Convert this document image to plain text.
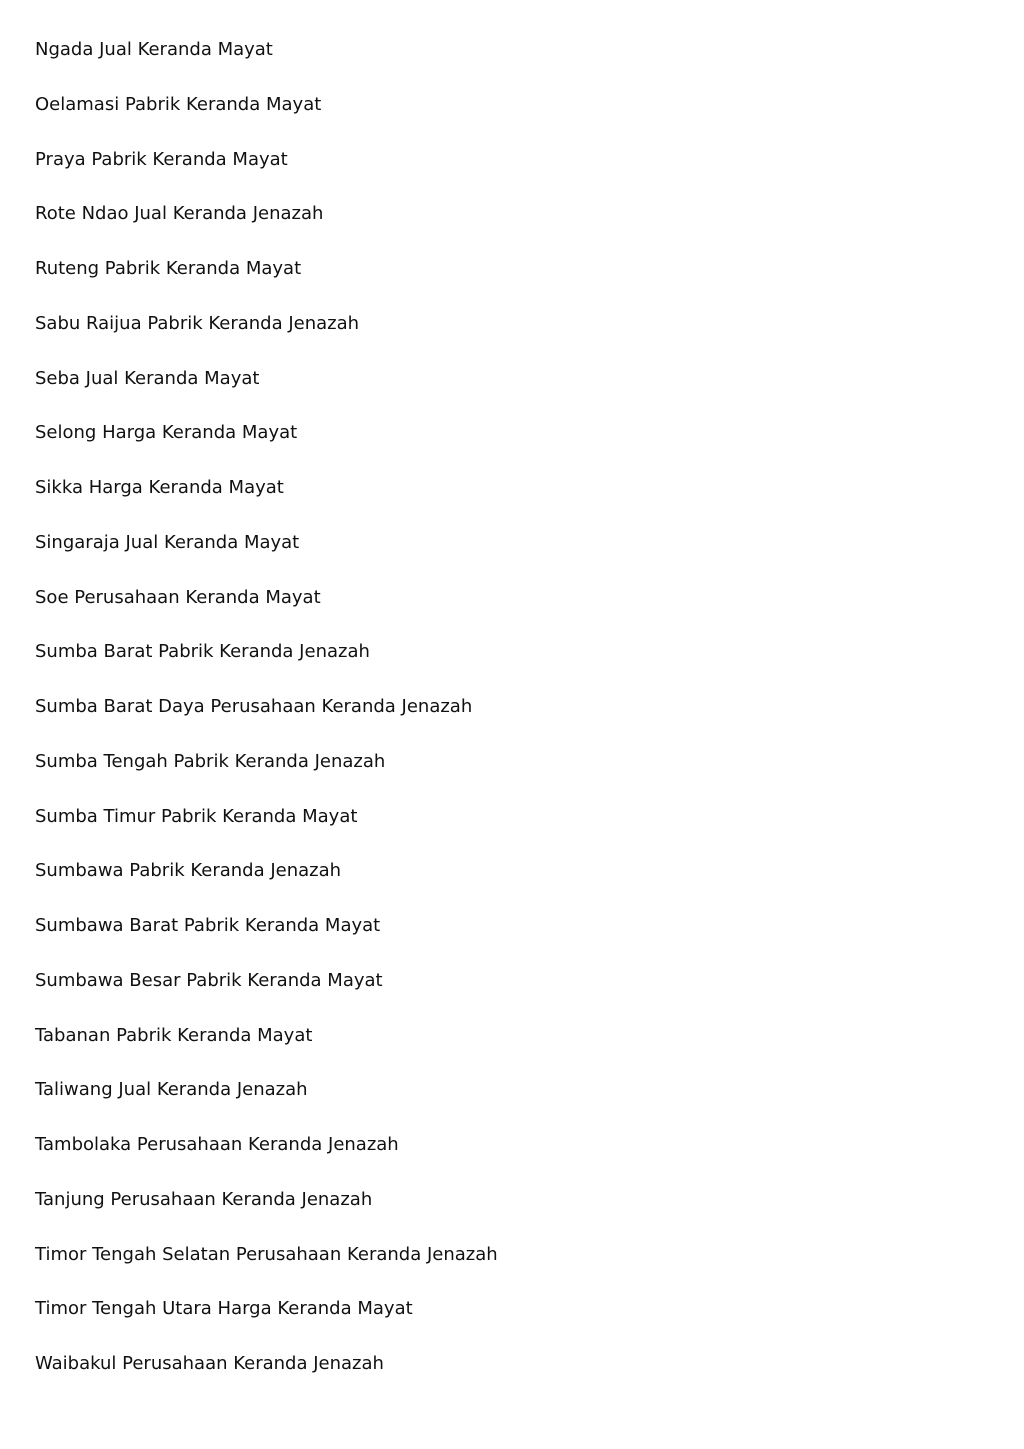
Ngada Jual Keranda Mayat
Oelamasi Pabrik Keranda Mayat
Praya Pabrik Keranda Mayat
Rote Ndao Jual Keranda Jenazah
Ruteng Pabrik Keranda Mayat
Sabu Raijua Pabrik Keranda Jenazah
Seba Jual Keranda Mayat
Selong Harga Keranda Mayat
Sikka Harga Keranda Mayat
Singaraja Jual Keranda Mayat
Soe Perusahaan Keranda Mayat
Sumba Barat Pabrik Keranda Jenazah
Sumba Barat Daya Perusahaan Keranda Jenazah
Sumba Tengah Pabrik Keranda Jenazah
Sumba Timur Pabrik Keranda Mayat
Sumbawa Pabrik Keranda Jenazah
Sumbawa Barat Pabrik Keranda Mayat
Sumbawa Besar Pabrik Keranda Mayat
Tabanan Pabrik Keranda Mayat
Taliwang Jual Keranda Jenazah
Tambolaka Perusahaan Keranda Jenazah
Tanjung Perusahaan Keranda Jenazah
Timor Tengah Selatan Perusahaan Keranda Jenazah
Timor Tengah Utara Harga Keranda Mayat
Waibakul Perusahaan Keranda Jenazah
